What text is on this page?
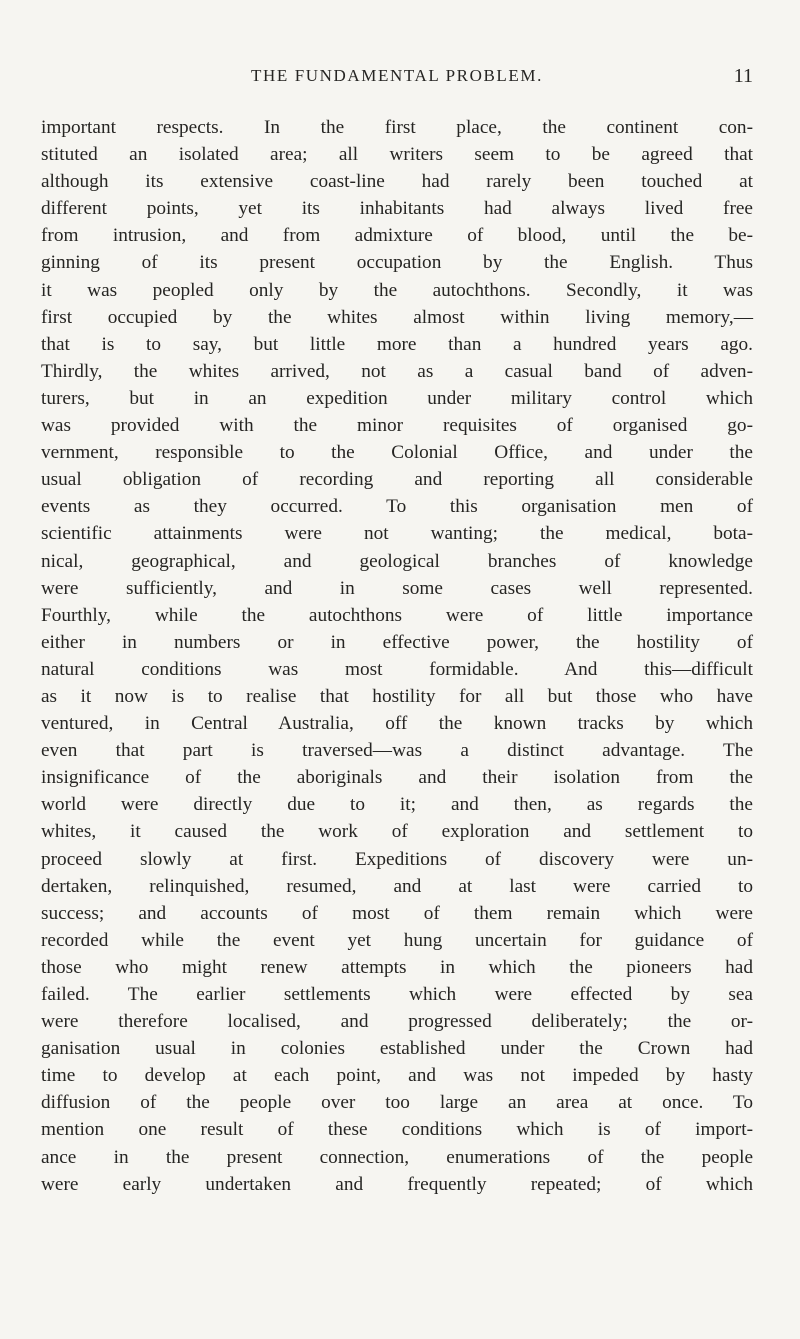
THE FUNDAMENTAL PROBLEM.	11
important respects. In the first place, the continent con-
stituted an isolated area; all writers seem to be agreed that
although its extensive coast-line had rarely been touched at
different points, yet its inhabitants had always lived free
from intrusion, and from admixture of blood, until the be-
ginning of its present occupation by the English. Thus
it was peopled only by the autochthons. Secondly, it was
first occupied by the whites almost within living memory,—
that is to say, but little more than a hundred years ago.
Thirdly, the whites arrived, not as a casual band of adven-
turers, but in an expedition under military control which
was provided with the minor requisites of organised go-
vernment, responsible to the Colonial Office, and under the
usual obligation of recording and reporting all considerable
events as they occurred. To this organisation men of
scientific attainments were not wanting; the medical, bota-
nical, geographical, and geological branches of knowledge
were sufficiently, and in some cases well represented.
Fourthly, while the autochthons were of little importance
either in numbers or in effective power, the hostility of
natural conditions was most formidable. And this—difficult
as it now is to realise that hostility for all but those who have
ventured, in Central Australia, off the known tracks by which
even that part is traversed—was a distinct advantage. The
insignificance of the aboriginals and their isolation from the
world were directly due to it; and then, as regards the
whites, it caused the work of exploration and settlement to
proceed slowly at first. Expeditions of discovery were un-
dertaken, relinquished, resumed, and at last were carried to
success; and accounts of most of them remain which were
recorded while the event yet hung uncertain for guidance of
those who might renew attempts in which the pioneers had
failed. The earlier settlements which were effected by sea
were therefore localised, and progressed deliberately; the or-
ganisation usual in colonies established under the Crown had
time to develop at each point, and was not impeded by hasty
diffusion of the people over too large an area at once. To
mention one result of these conditions which is of import-
ance in the present connection, enumerations of the people
were early undertaken and frequently repeated; of which
